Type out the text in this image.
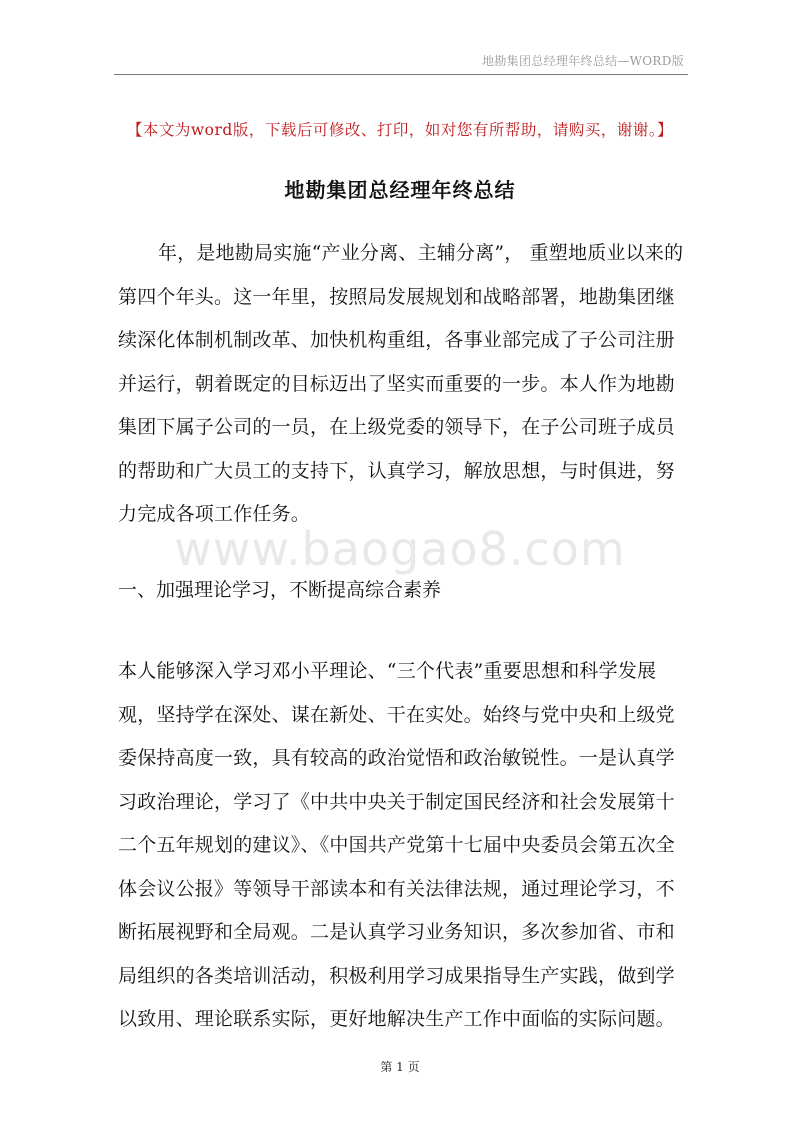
地勘集团总经理年终总结—WORD版
【本文为word版，下载后可修改、打印，如对您有所帮助，请购买，谢谢。】
地勘集团总经理年终总结
年，是地勘局实施“产业分离、主辅分离”， 重塑地质业以来的第四个年头。这一年里，按照局发展规划和战略部署，地勘集团继续深化体制机制改革、加快机构重组，各事业部完成了子公司注册并运行，朝着既定的目标迈出了坚实而重要的一步。本人作为地勘集团下属子公司的一员，在上级党委的领导下，在子公司班子成员的帮助和广大员工的支持下，认真学习，解放思想，与时俱进，努力完成各项工作任务。
www.baogao8.com
一、加强理论学习，不断提高综合素养
本人能够深入学习邓小平理论、“三个代表”重要思想和科学发展观，坚持学在深处、谋在新处、干在实处。始终与党中央和上级党委保持高度一致，具有较高的政治觉悟和政治敏锐性。一是认真学习政治理论，学习了《中共中央关于制定国民经济和社会发展第十二个五年规划的建议》、《中国共产党第十七届中央委员会第五次全体会议公报》等领导干部读本和有关法律法规，通过理论学习，不断拓展视野和全局观。二是认真学习业务知识，多次参加省、市和局组织的各类培训活动，积极利用学习成果指导生产实践，做到学以致用、理论联系实际，更好地解决生产工作中面临的实际问题。
第 1 页
